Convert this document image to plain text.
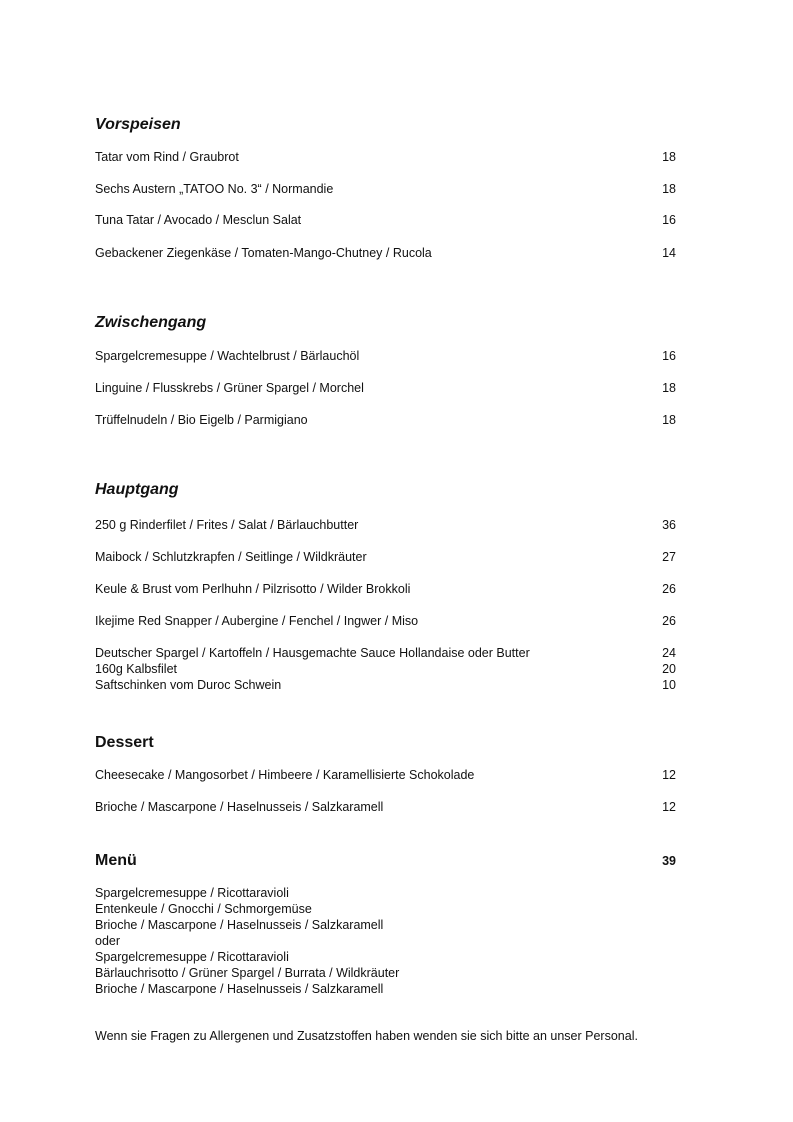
Vorspeisen
Tatar vom Rind / Graubrot	18
Sechs Austern „TATOO No. 3“ / Normandie	18
Tuna Tatar / Avocado / Mesclun Salat	16
Gebackener Ziegenkäse / Tomaten-Mango-Chutney / Rucola	14
Zwischengang
Spargelcremesuppe / Wachtelbrust / Bärlauchöl	16
Linguine / Flusskrebs / Grüner Spargel / Morchel	18
Trüffelnudeln / Bio Eigelb / Parmigiano	18
Hauptgang
250 g Rinderfilet / Frites / Salat / Bärlauchbutter	36
Maibock / Schlutzkrapfen / Seitlinge / Wildkräuter	27
Keule & Brust vom Perlhuhn / Pilzrisotto / Wilder Brokkoli	26
Ikejime Red Snapper / Aubergine / Fenchel / Ingwer / Miso	26
Deutscher Spargel / Kartoffeln / Hausgemachte Sauce Hollandaise oder Butter	24
160g Kalbsfilet	20
Saftschinken vom Duroc Schwein	10
Dessert
Cheesecake / Mangosorbet / Himbeere / Karamellisierte Schokolade	12
Brioche / Mascarpone / Haselnusseis / Salzkaramell	12
Menü	39
Spargelcremesuppe / Ricottaravioli
Entenkeule / Gnocchi / Schmorgemüse
Brioche / Mascarpone / Haselnusseis / Salzkaramell
oder
Spargelcremesuppe / Ricottaravioli
Bärlauchrisotto / Grüner Spargel / Burrata / Wildkräuter
Brioche / Mascarpone / Haselnusseis / Salzkaramell
Wenn sie Fragen zu Allergenen und Zusatzstoffen haben wenden sie sich bitte an unser Personal.
